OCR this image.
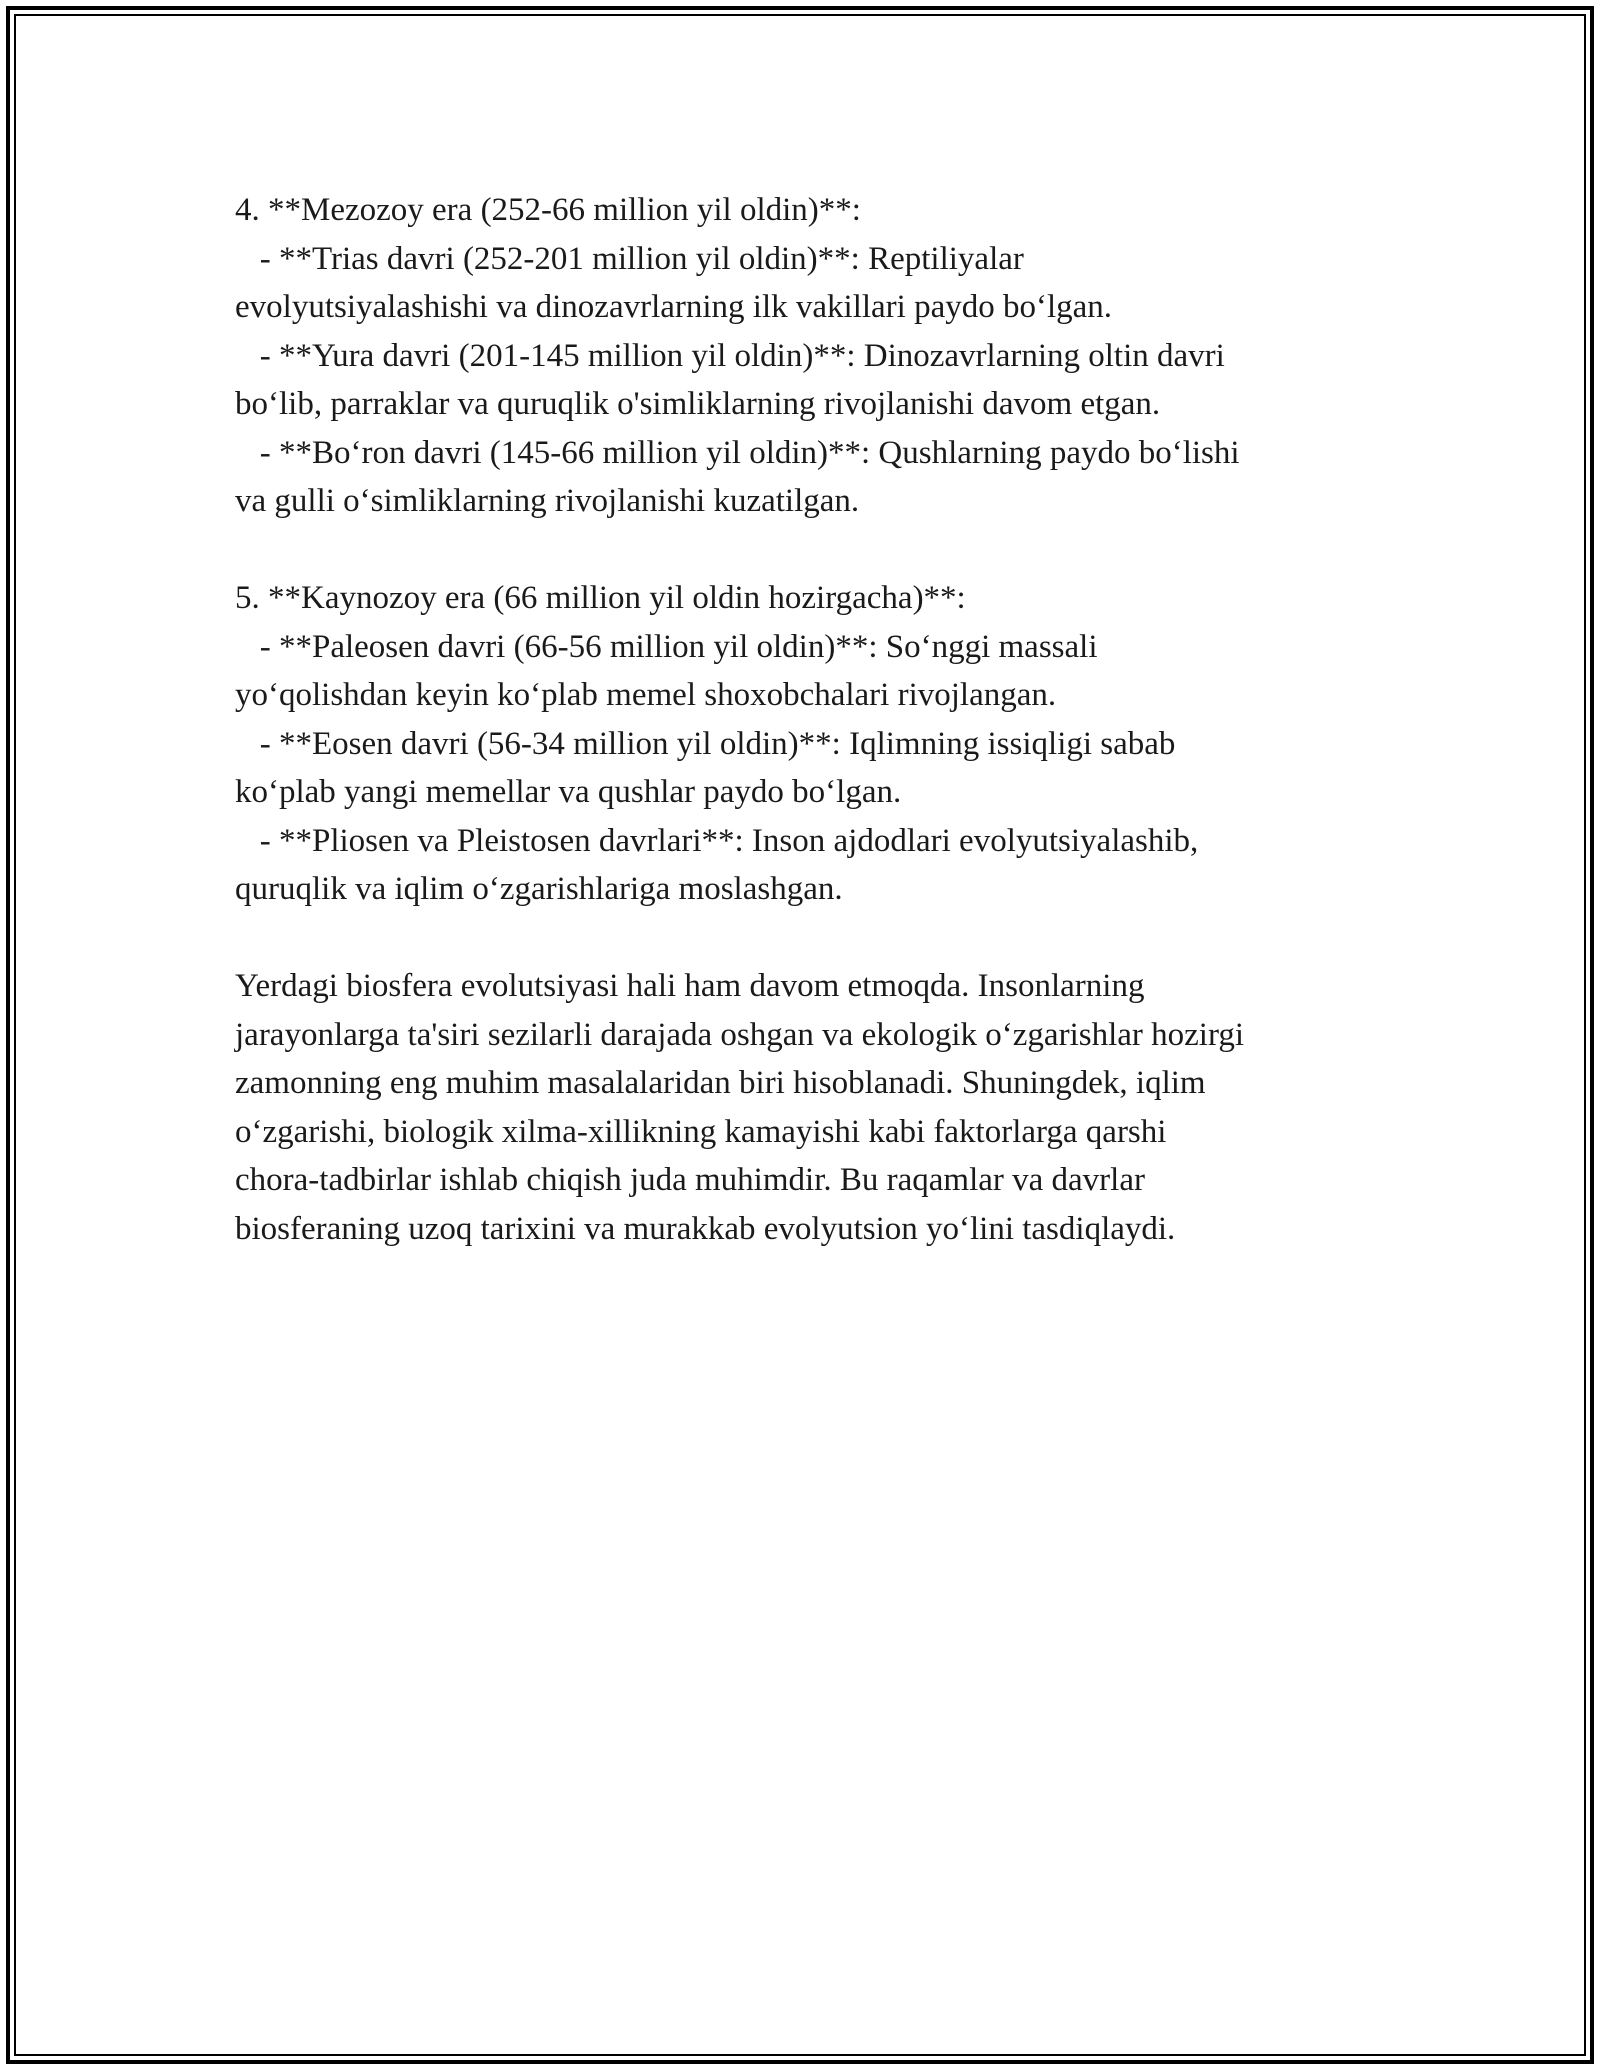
4. **Mezozoy era (252-66 million yil oldin)**:
- **Trias davri (252-201 million yil oldin)**: Reptiliyalar
evolyutsiyalashishi va dinozavrlarning ilk vakillari paydo bo‘lgan.
- **Yura davri (201-145 million yil oldin)**: Dinozavrlarning oltin davri
bo‘lib, parraklar va quruqlik o'simliklarning rivojlanishi davom etgan.
- **Bo‘ron davri (145-66 million yil oldin)**: Qushlarning paydo bo‘lishi
va gulli o‘simliklarning rivojlanishi kuzatilgan.
5. **Kaynozoy era (66 million yil oldin hozirgacha)**:
- **Paleosen davri (66-56 million yil oldin)**: So‘nggi massali
yo‘qolishdan keyin ko‘plab memel shoxobchalari rivojlangan.
- **Eosen davri (56-34 million yil oldin)**: Iqlimning issiqligi sabab
ko‘plab yangi memellar va qushlar paydo bo‘lgan.
- **Pliosen va Pleistosen davrlari**: Inson ajdodlari evolyutsiyalashib,
quruqlik va iqlim o‘zgarishlariga moslashgan.
Yerdagi biosfera evolutsiyasi hali ham davom etmoqda. Insonlarning
jarayonlarga ta'siri sezilarli darajada oshgan va ekologik o‘zgarishlar hozirgi
zamonning eng muhim masalalaridan biri hisoblanadi. Shuningdek, iqlim
o‘zgarishi, biologik xilma-xillikning kamayishi kabi faktorlarga qarshi
chora-tadbirlar ishlab chiqish juda muhimdir. Bu raqamlar va davrlar
biosferaning uzoq tarixini va murakkab evolyutsion yo‘lini tasdiqlaydi.
